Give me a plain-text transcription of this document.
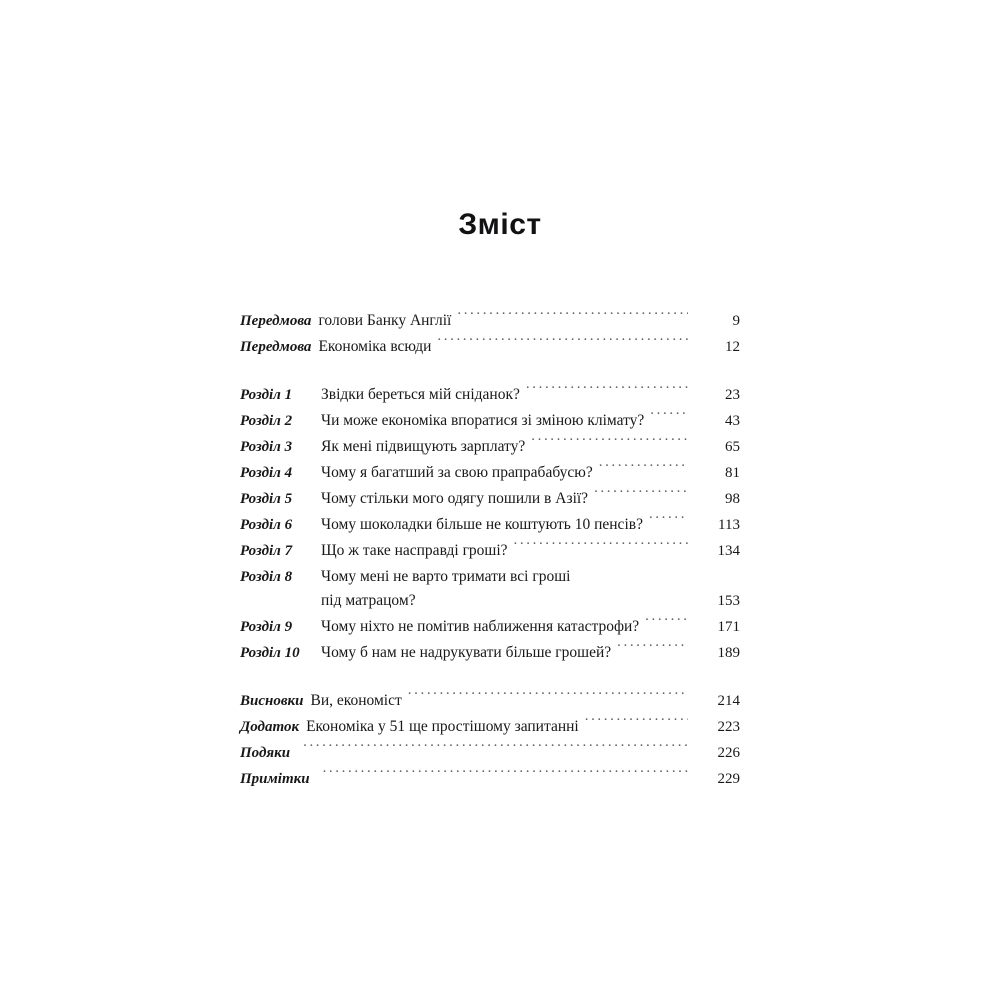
Зміст
Передмова голови Банку Англії .....	9
Передмова Економіка всюди .....	12
Розділ 1	Звідки береться мій сніданок? .....	23
Розділ 2	Чи може економіка впоратися зі зміною клімату? .....	43
Розділ 3	Як мені підвищують зарплату? .....	65
Розділ 4	Чому я багатший за свою прапрабабусю? .....	81
Розділ 5	Чому стільки мого одягу пошили в Азії? .....	98
Розділ 6	Чому шоколадки більше не коштують 10 пенсів? .....	113
Розділ 7	Що ж таке насправді гроші? .....	134
Розділ 8	Чому мені не варто тримати всі гроші
під матрацом?	153
Розділ 9	Чому ніхто не помітив наближення катастрофи? .....	171
Розділ 10	Чому б нам не надрукувати більше грошей? .....	189
Висновки Ви, економіст .....	214
Додаток Економіка у 51 ще простішому запитанні .....	223
Подяки .....	226
Примітки .....	229
